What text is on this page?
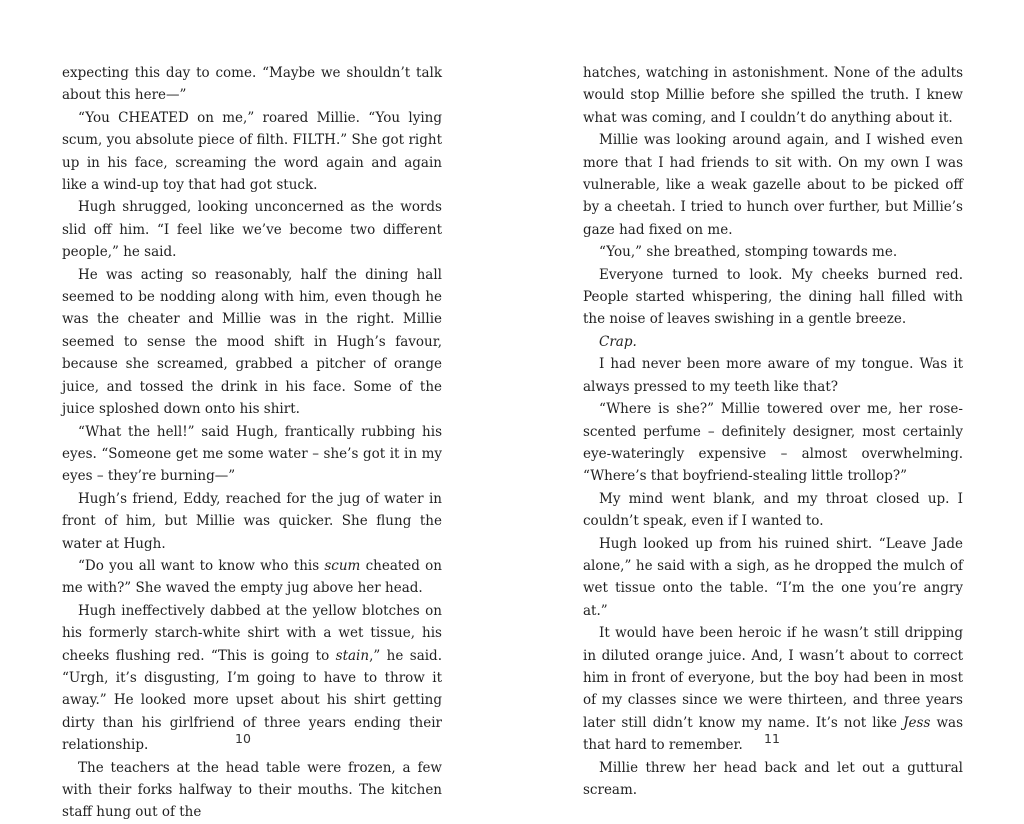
expecting this day to come. “Maybe we shouldn’t talk about this here—”

“You CHEATED on me,” roared Millie. “You lying scum, you absolute piece of filth. FILTH.” She got right up in his face, screaming the word again and again like a wind-up toy that had got stuck.

Hugh shrugged, looking unconcerned as the words slid off him. “I feel like we’ve become two different people,” he said.

He was acting so reasonably, half the dining hall seemed to be nodding along with him, even though he was the cheater and Millie was in the right. Millie seemed to sense the mood shift in Hugh’s favour, because she screamed, grabbed a pitcher of orange juice, and tossed the drink in his face. Some of the juice sploshed down onto his shirt.

“What the hell!” said Hugh, frantically rubbing his eyes. “Someone get me some water – she’s got it in my eyes – they’re burning—”

Hugh’s friend, Eddy, reached for the jug of water in front of him, but Millie was quicker. She flung the water at Hugh.

“Do you all want to know who this scum cheated on me with?” She waved the empty jug above her head.

Hugh ineffectively dabbed at the yellow blotches on his formerly starch-white shirt with a wet tissue, his cheeks flushing red. “This is going to stain,” he said. “Urgh, it’s disgusting, I’m going to have to throw it away.” He looked more upset about his shirt getting dirty than his girlfriend of three years ending their relationship.

The teachers at the head table were frozen, a few with their forks halfway to their mouths. The kitchen staff hung out of the

hatches, watching in astonishment. None of the adults would stop Millie before she spilled the truth. I knew what was coming, and I couldn’t do anything about it.

Millie was looking around again, and I wished even more that I had friends to sit with. On my own I was vulnerable, like a weak gazelle about to be picked off by a cheetah. I tried to hunch over further, but Millie’s gaze had fixed on me.

“You,” she breathed, stomping towards me.

Everyone turned to look. My cheeks burned red. People started whispering, the dining hall filled with the noise of leaves swishing in a gentle breeze.

Crap.

I had never been more aware of my tongue. Was it always pressed to my teeth like that?

“Where is she?” Millie towered over me, her rose-scented perfume – definitely designer, most certainly eye-wateringly expensive – almost overwhelming. “Where’s that boyfriend-stealing little trollop?”

My mind went blank, and my throat closed up. I couldn’t speak, even if I wanted to.

Hugh looked up from his ruined shirt. “Leave Jade alone,” he said with a sigh, as he dropped the mulch of wet tissue onto the table. “I’m the one you’re angry at.”

It would have been heroic if he wasn’t still dripping in diluted orange juice. And, I wasn’t about to correct him in front of everyone, but the boy had been in most of my classes since we were thirteen, and three years later still didn’t know my name. It’s not like Jess was that hard to remember.

Millie threw her head back and let out a guttural scream.

10	11
